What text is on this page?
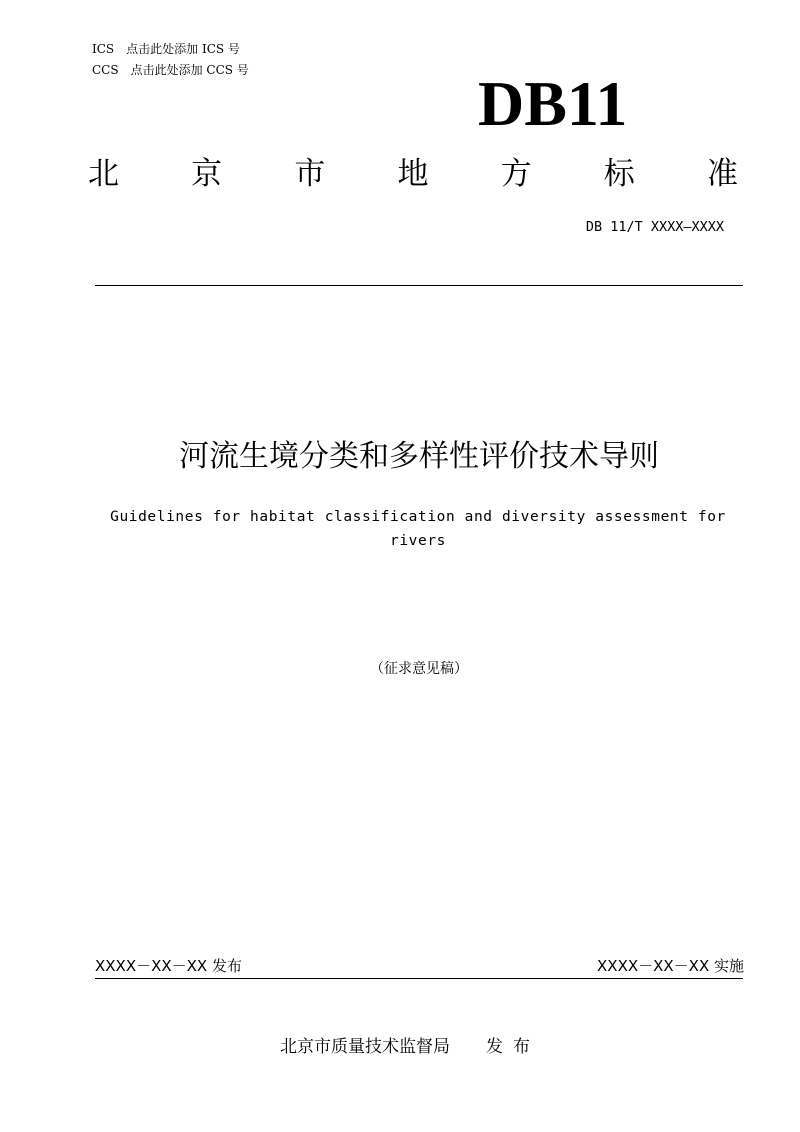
ICS 点击此处添加 ICS 号
CCS 点击此处添加 CCS 号	DB11
北 京 市 地 方 标 准
DB 11/T XXXX—XXXX
河流生境分类和多样性评价技术导则
Guidelines for habitat classification and diversity assessment for rivers
（征求意见稿）
XXXX－XX－XX 发布	XXXX－XX－XX 实施
北京市质量技术监督局 发布
